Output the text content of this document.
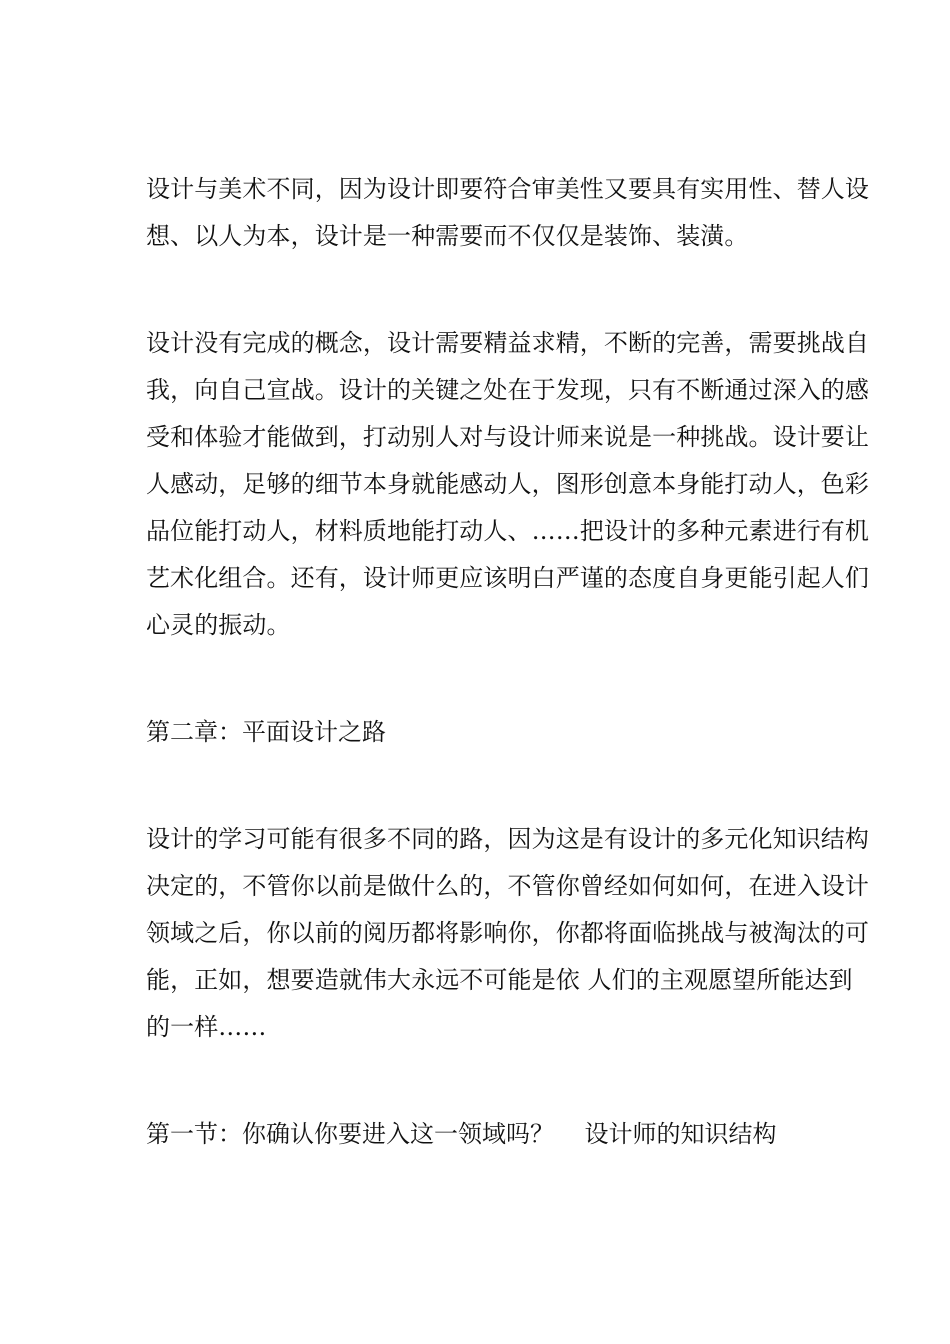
设计与美术不同，因为设计即要符合审美性又要具有实用性、替人设
想、以人为本，设计是一种需要而不仅仅是装饰、装潢。

设计没有完成的概念，设计需要精益求精，不断的完善，需要挑战自
我，向自己宣战。设计的关键之处在于发现，只有不断通过深入的感
受和体验才能做到，打动别人对与设计师来说是一种挑战。设计要让
人感动，足够的细节本身就能感动人，图形创意本身能打动人，色彩
品位能打动人，材料质地能打动人、……把设计的多种元素进行有机
艺术化组合。还有，设计师更应该明白严谨的态度自身更能引起人们
心灵的振动。

第二章：平面设计之路

设计的学习可能有很多不同的路，因为这是有设计的多元化知识结构
决定的，不管你以前是做什么的，不管你曾经如何如何，在进入设计
领域之后，你以前的阅历都将影响你，你都将面临挑战与被淘汰的可
能，正如，想要造就伟大永远不可能是依 人们的主观愿望所能达到
的一样……

第一节：你确认你要进入这一领域吗？    设计师的知识结构
